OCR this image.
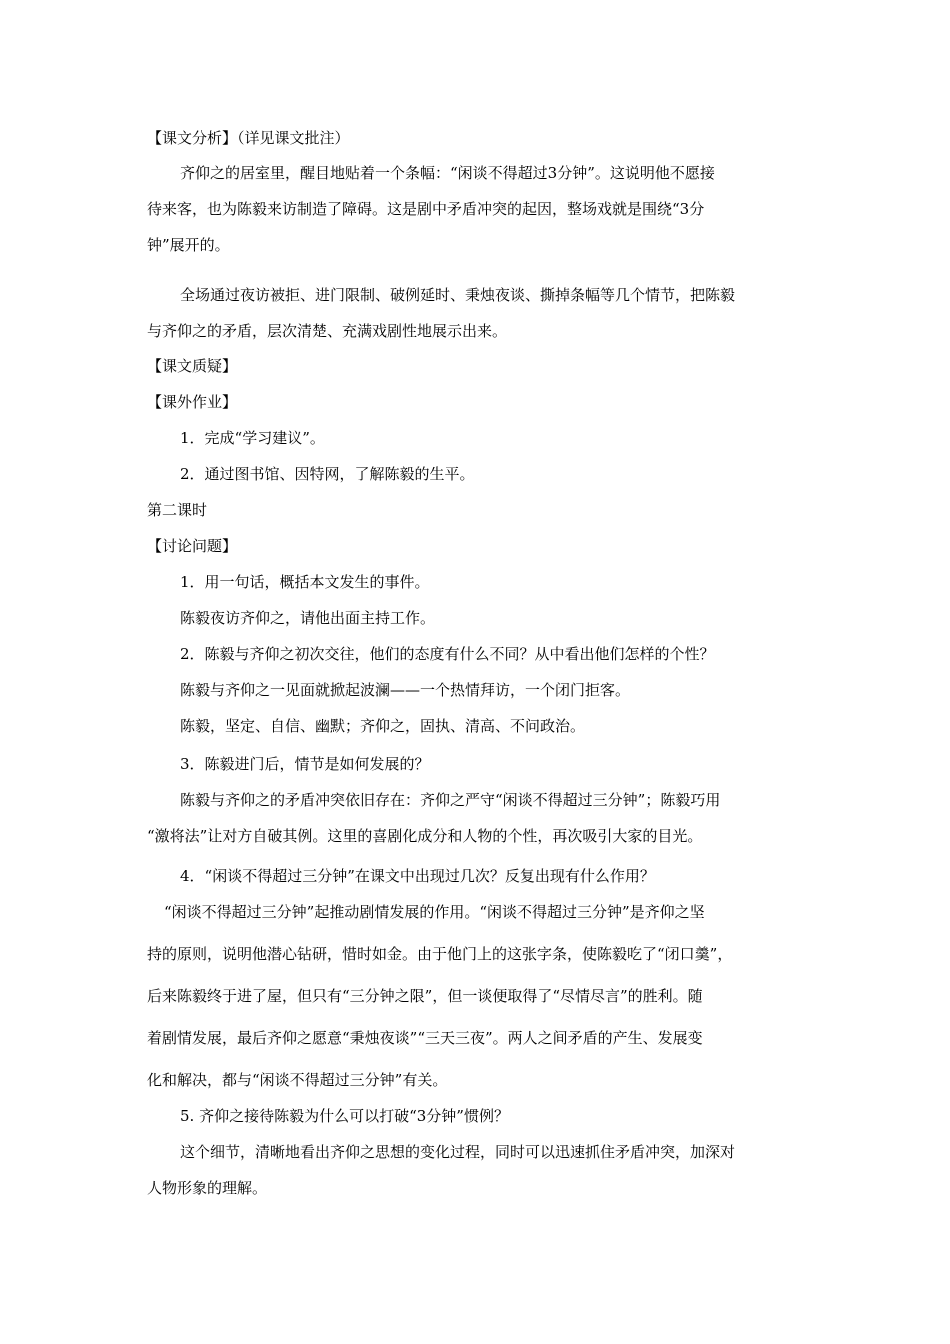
【课文分析】（详见课文批注）
齐仰之的居室里，醒目地贴着一个条幅：“闲谈不得超过3分钟”。这说明他不愿接
待来客，也为陈毅来访制造了障碍。这是剧中矛盾冲突的起因，整场戏就是围绕“3分
钟”展开的。
全场通过夜访被拒、进门限制、破例延时、秉烛夜谈、撕掉条幅等几个情节，把陈毅
与齐仰之的矛盾，层次清楚、充满戏剧性地展示出来。
【课文质疑】
【课外作业】
1．完成“学习建议”。
2．通过图书馆、因特网，了解陈毅的生平。
第二课时
【讨论问题】
1．用一句话，概括本文发生的事件。
陈毅夜访齐仰之，请他出面主持工作。
2．陈毅与齐仰之初次交往，他们的态度有什么不同？从中看出他们怎样的个性？
陈毅与齐仰之一见面就掀起波澜——一个热情拜访，一个闭门拒客。
陈毅，坚定、自信、幽默；齐仰之，固执、清高、不问政治。
3．陈毅进门后，情节是如何发展的？
陈毅与齐仰之的矛盾冲突依旧存在：齐仰之严守“闲谈不得超过三分钟”；陈毅巧用
“激将法”让对方自破其例。这里的喜剧化成分和人物的个性，再次吸引大家的目光。
4．“闲谈不得超过三分钟”在课文中出现过几次？反复出现有什么作用？
“闲谈不得超过三分钟”起推动剧情发展的作用。“闲谈不得超过三分钟”是齐仰之坚
持的原则，说明他潜心钻研，惜时如金。由于他门上的这张字条，使陈毅吃了“闭口羹”，
后来陈毅终于进了屋，但只有“三分钟之限”，但一谈便取得了“尽情尽言”的胜利。随
着剧情发展，最后齐仰之愿意“秉烛夜谈”“三天三夜”。两人之间矛盾的产生、发展变
化和解决，都与“闲谈不得超过三分钟”有关。
5. 齐仰之接待陈毅为什么可以打破“3分钟”惯例？
这个细节，清晰地看出齐仰之思想的变化过程，同时可以迅速抓住矛盾冲突，加深对
人物形象的理解。
